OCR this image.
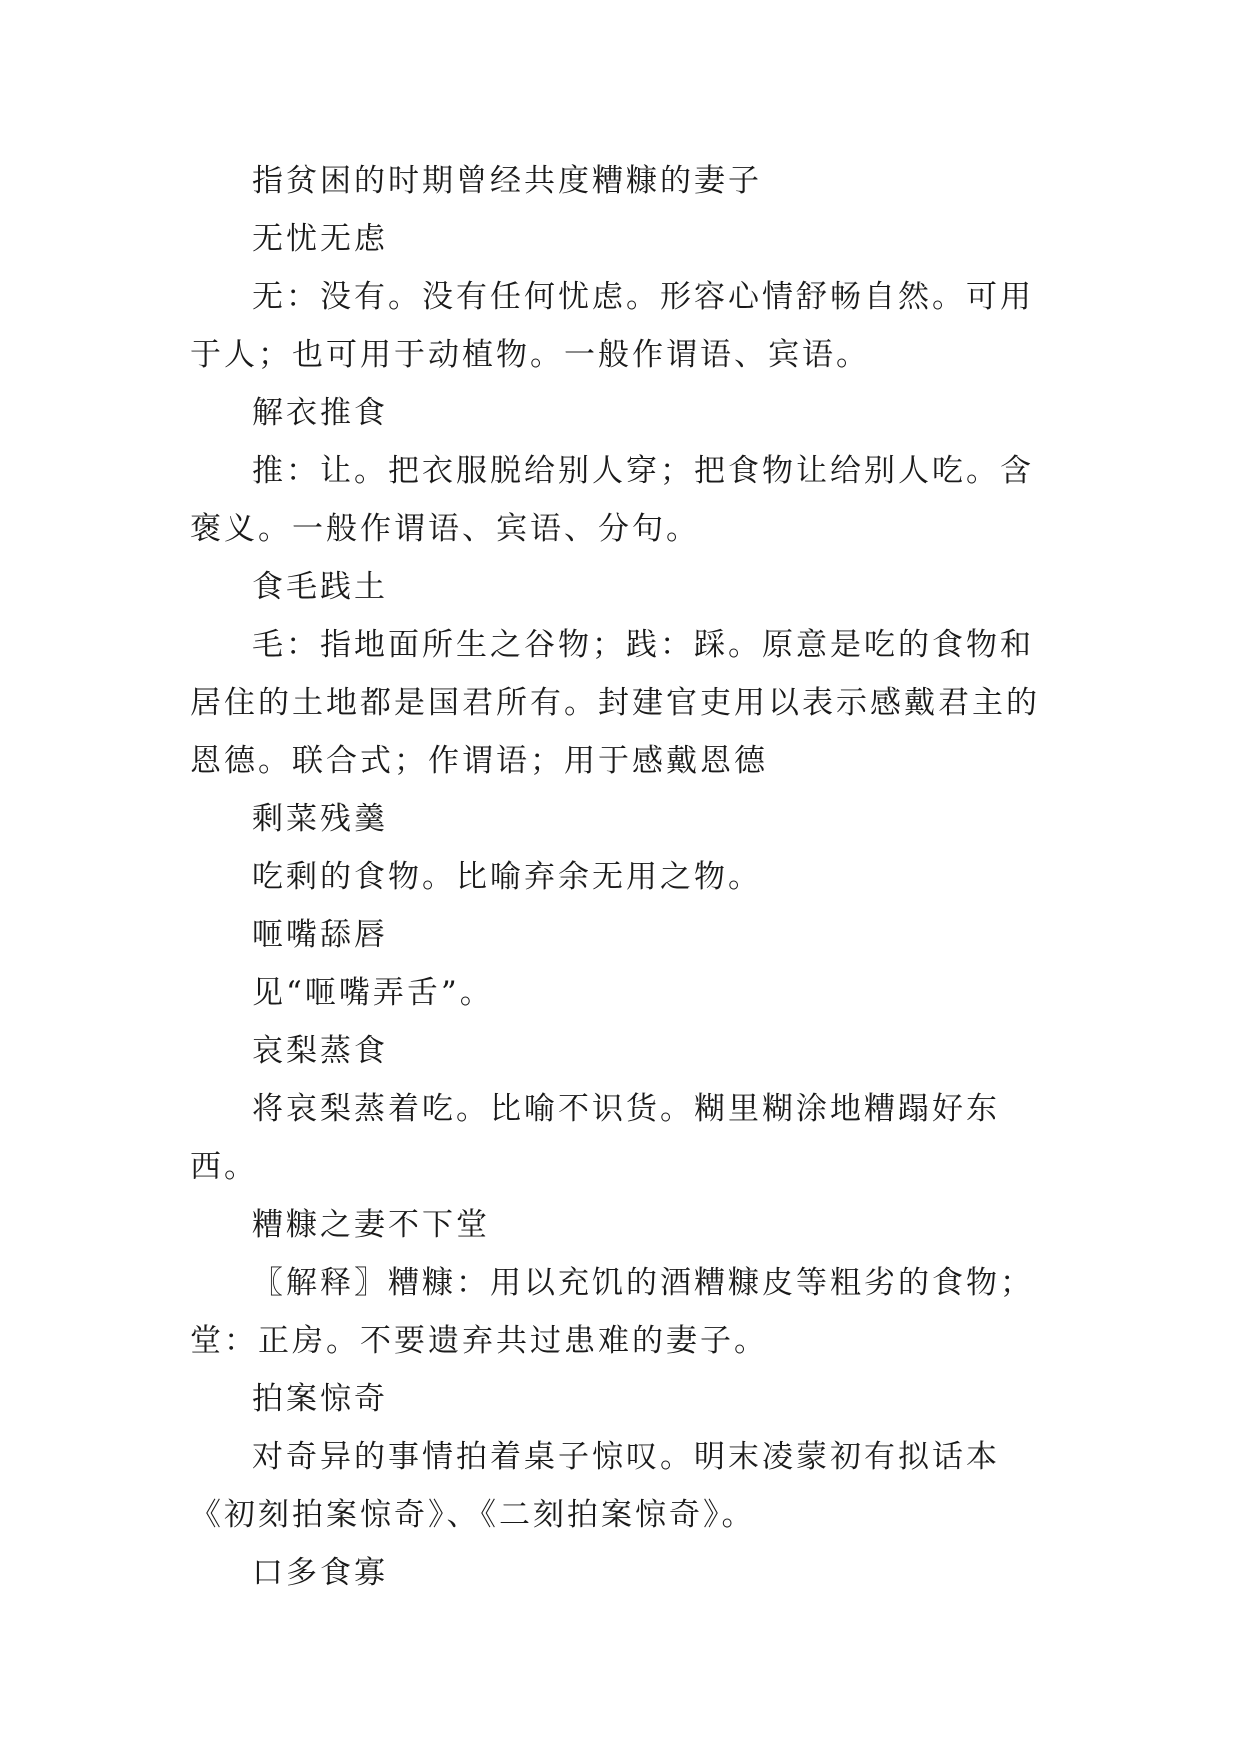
指贫困的时期曾经共度糟糠的妻子

无忧无虑

无：没有。没有任何忧虑。形容心情舒畅自然。可用于人；也可用于动植物。一般作谓语、宾语。

解衣推食

推：让。把衣服脱给别人穿；把食物让给别人吃。含褒义。一般作谓语、宾语、分句。

食毛践土

毛：指地面所生之谷物；践：踩。原意是吃的食物和居住的土地都是国君所有。封建官吏用以表示感戴君主的恩德。联合式；作谓语；用于感戴恩德

剩菜残羹

吃剩的食物。比喻弃余无用之物。

咂嘴舔唇

见“咂嘴弄舌”。

哀梨蒸食

将哀梨蒸着吃。比喻不识货。糊里糊涂地糟蹋好东西。

糟糠之妻不下堂

〖解释〗糟糠：用以充饥的酒糟糠皮等粗劣的食物；堂：正房。不要遗弃共过患难的妻子。

拍案惊奇

对奇异的事情拍着桌子惊叹。明末凌蒙初有拟话本《初刻拍案惊奇》、《二刻拍案惊奇》。

口多食寡
